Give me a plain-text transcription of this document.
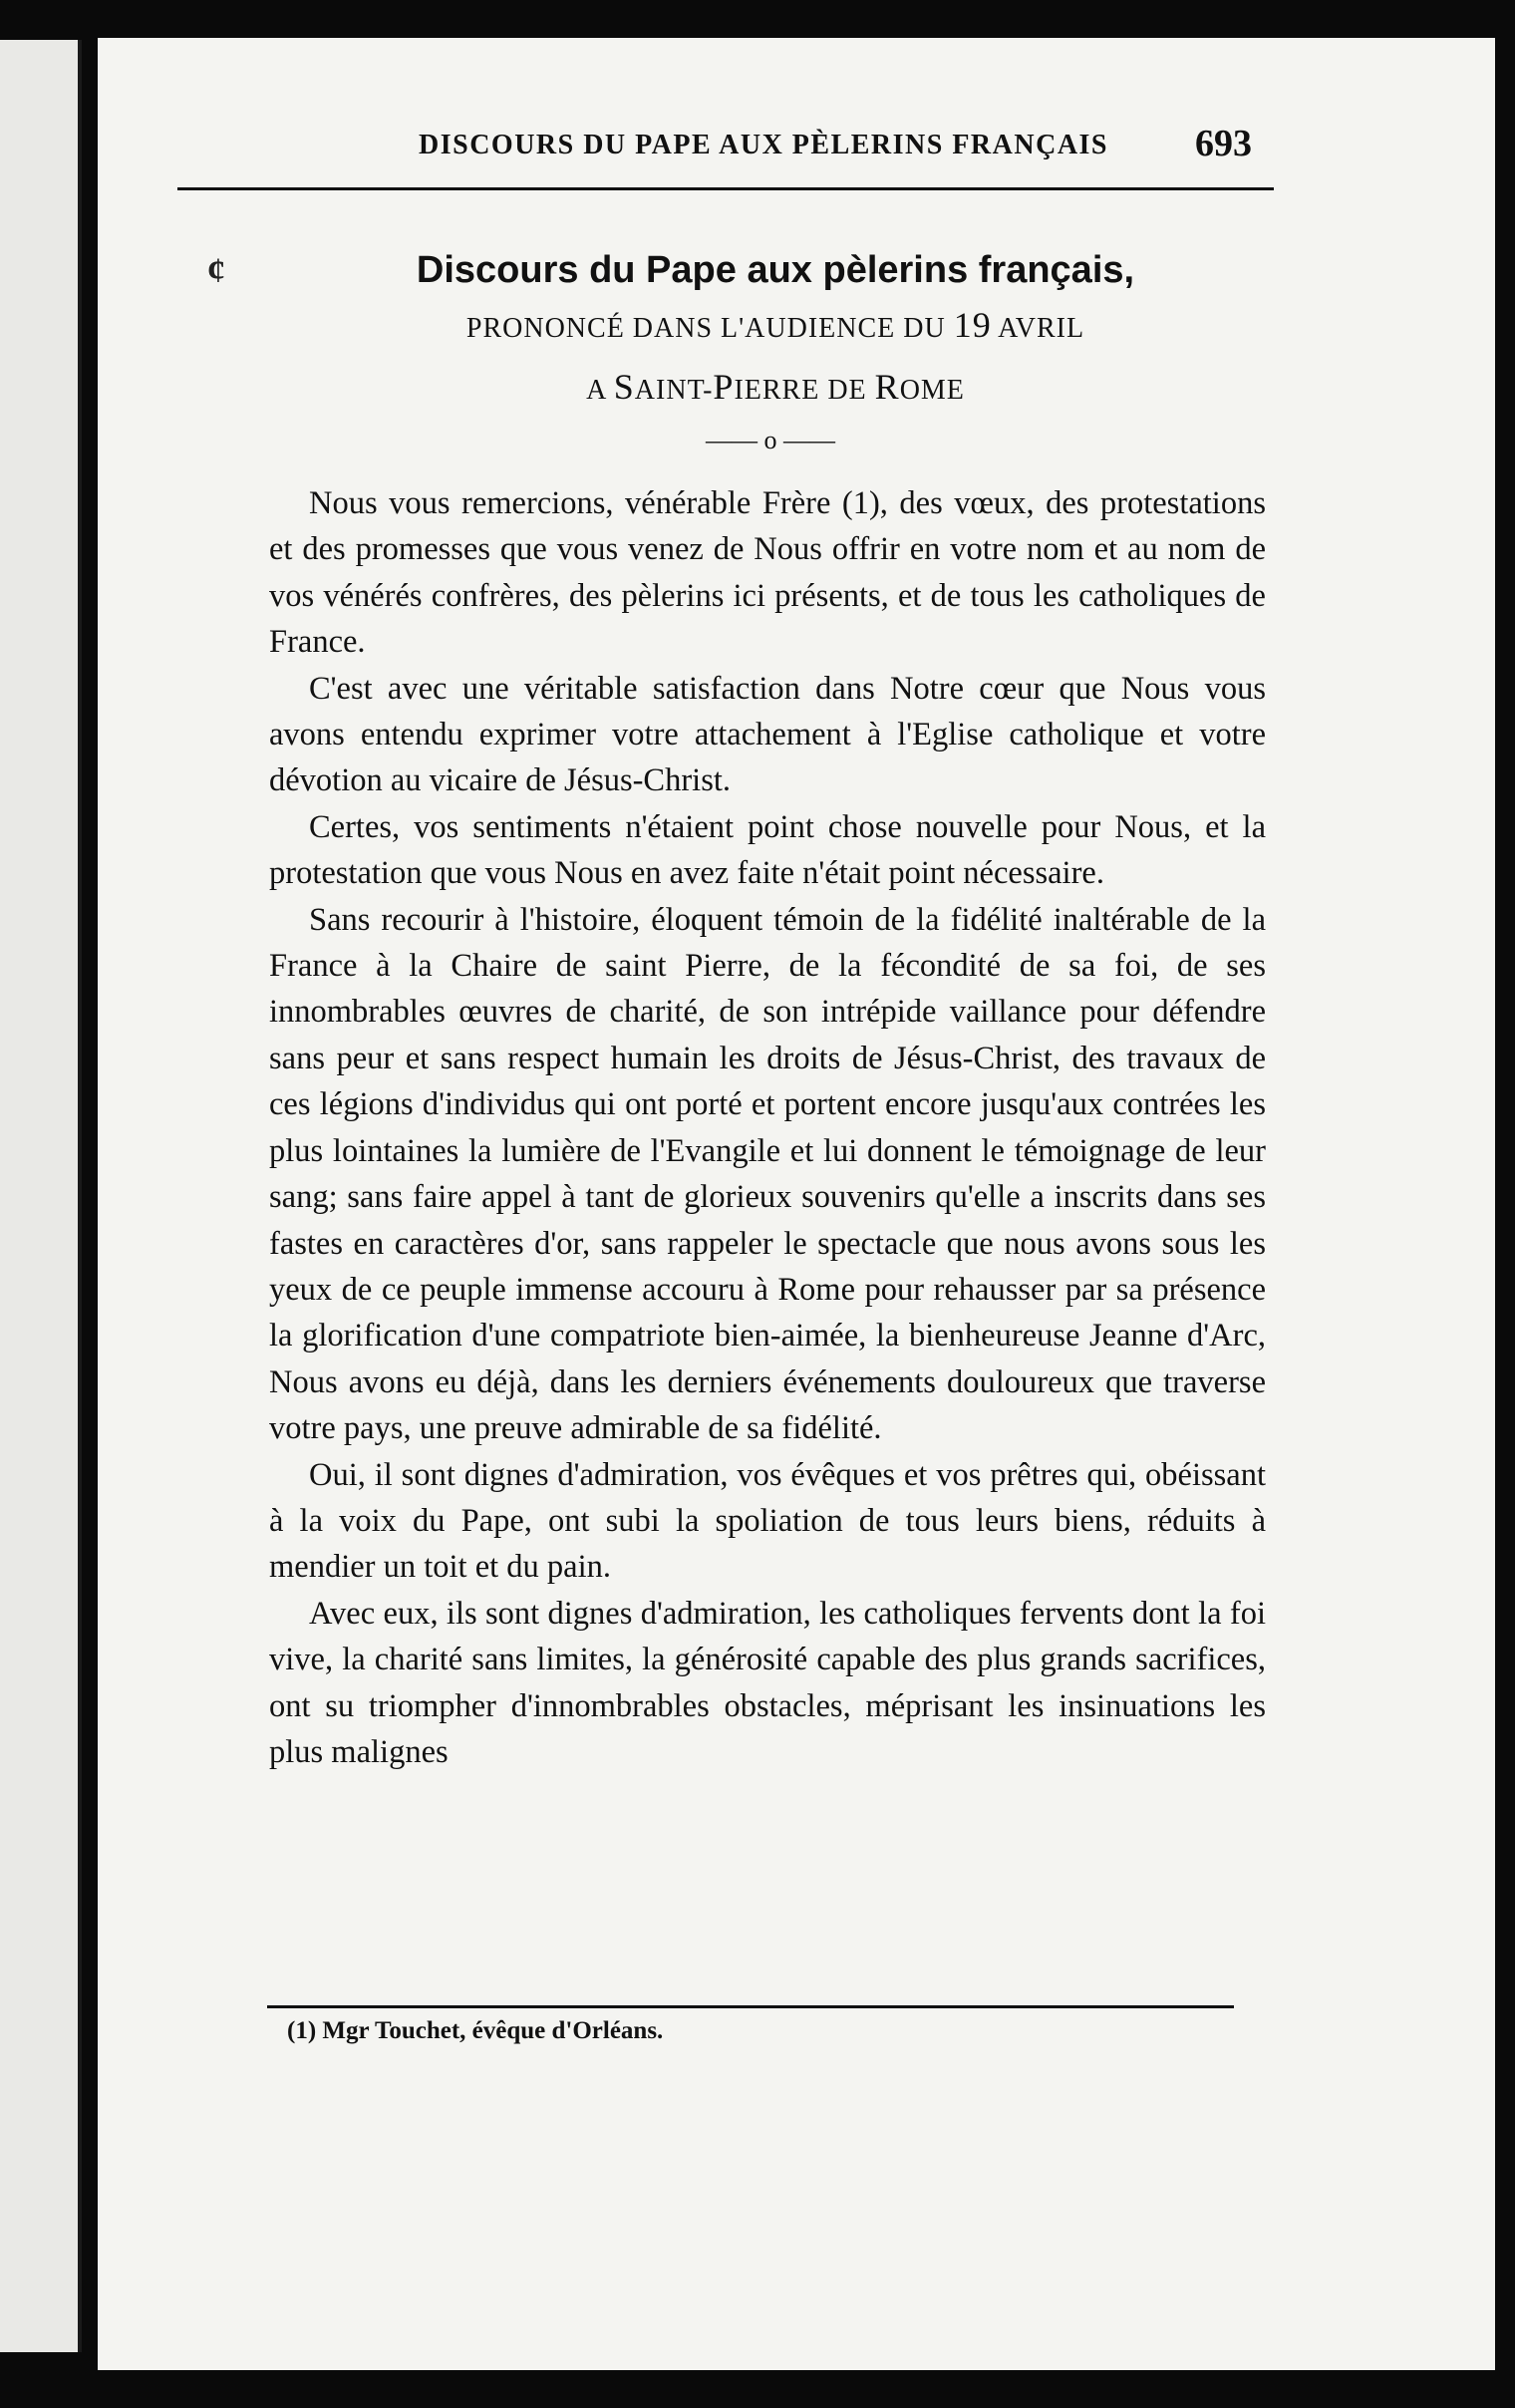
DISCOURS DU PAPE AUX PÈLERINS FRANÇAIS 693
Discours du Pape aux pèlerins français,
PRONONCÉ DANS L'AUDIENCE DU 19 AVRIL
A SAINT-PIERRE DE ROME
—— o ——
¢

Nous vous remercions, vénérable Frère (1), des vœux, des protestations et des promesses que vous venez de Nous offrir en votre nom et au nom de vos vénérés confrères, des pèlerins ici présents, et de tous les catholiques de France.

C'est avec une véritable satisfaction dans Notre cœur que Nous vous avons entendu exprimer votre attachement à l'Eglise catholique et votre dévotion au vicaire de Jésus-Christ.

Certes, vos sentiments n'étaient point chose nouvelle pour Nous, et la protestation que vous Nous en avez faite n'était point nécessaire.

Sans recourir à l'histoire, éloquent témoin de la fidélité inaltérable de la France à la Chaire de saint Pierre, de la fécondité de sa foi, de ses innombrables œuvres de charité, de son intrépide vaillance pour défendre sans peur et sans respect humain les droits de Jésus-Christ, des travaux de ces légions d'individus qui ont porté et portent encore jusqu'aux contrées les plus lointaines la lumière de l'Evangile et lui donnent le témoignage de leur sang; sans faire appel à tant de glorieux souvenirs qu'elle a inscrits dans ses fastes en caractères d'or, sans rappeler le spectacle que nous avons sous les yeux de ce peuple immense accouru à Rome pour rehausser par sa présence la glorification d'une compatriote bien-aimée, la bienheureuse Jeanne d'Arc, Nous avons eu déjà, dans les derniers événements douloureux que traverse votre pays, une preuve admirable de sa fidélité.

Oui, il sont dignes d'admiration, vos évêques et vos prêtres qui, obéissant à la voix du Pape, ont subi la spoliation de tous leurs biens, réduits à mendier un toit et du pain.

Avec eux, ils sont dignes d'admiration, les catholiques fervents dont la foi vive, la charité sans limites, la générosité capable des plus grands sacrifices, ont su triompher d'innombrables obstacles, méprisant les insinuations les plus malignes

(1) Mgr Touchet, évêque d'Orléans.
